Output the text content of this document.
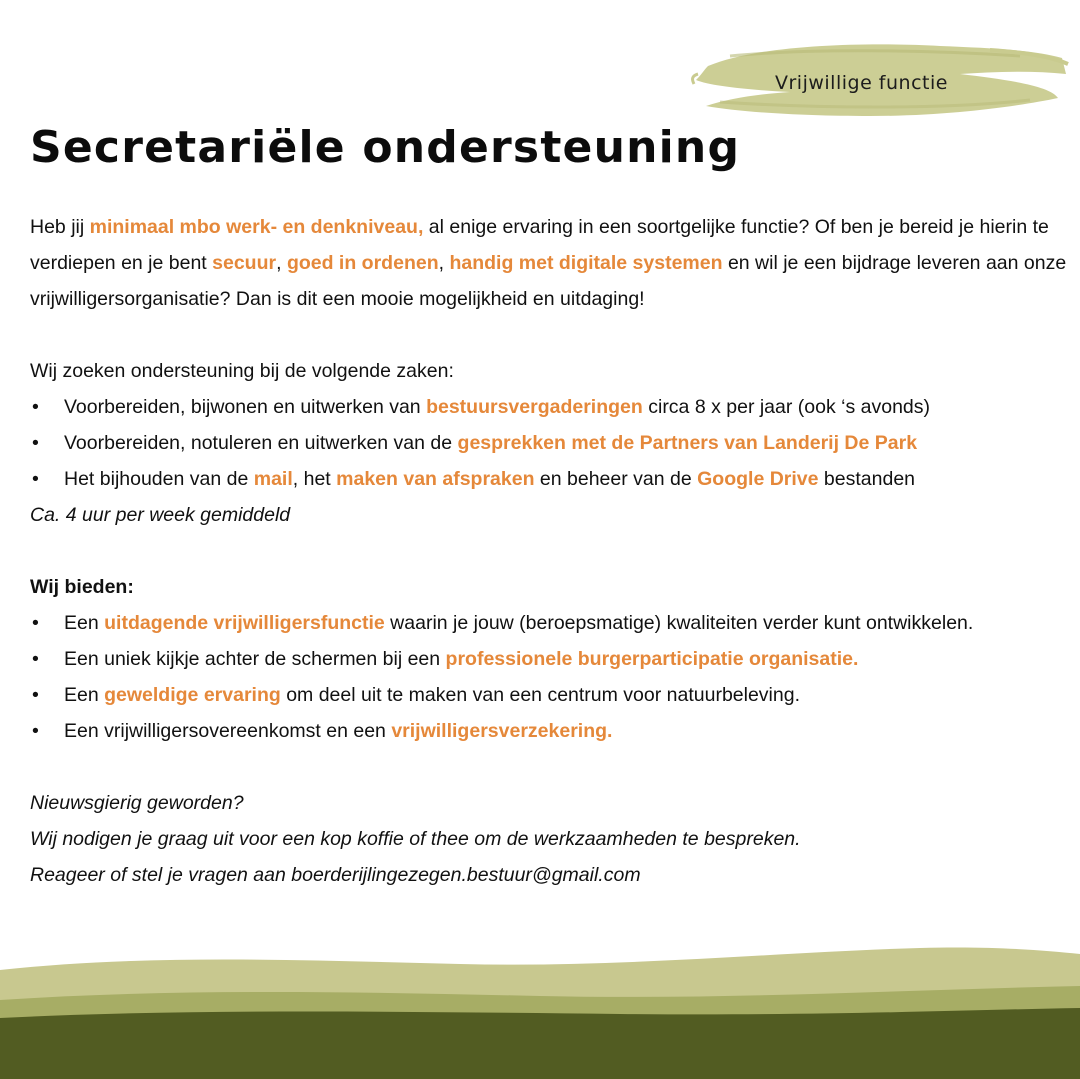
Vrijwillige functie
Secretariële ondersteuning

Heb jij minimaal mbo werk- en denkniveau, al enige ervaring in een soortgelijke functie? Of ben je bereid je hierin te verdiepen en je bent secuur, goed in ordenen, handig met digitale systemen en wil je een bijdrage leveren aan onze vrijwilligersorganisatie? Dan is dit een mooie mogelijkheid en uitdaging!

Wij zoeken ondersteuning bij de volgende zaken:

• Voorbereiden, bijwonen en uitwerken van bestuursvergaderingen circa 8 x per jaar (ook ‘s avonds)
• Voorbereiden, notuleren en uitwerken van de gesprekken met de Partners van Landerij De Park
• Het bijhouden van de mail, het maken van afspraken en beheer van de Google Drive bestanden

Ca. 4 uur per week gemiddeld

Wij bieden:

• Een uitdagende vrijwilligersfunctie waarin je jouw (beroepsmatige) kwaliteiten verder kunt ontwikkelen.
• Een uniek kijkje achter de schermen bij een professionele burgerparticipatie organisatie.
• Een geweldige ervaring om deel uit te maken van een centrum voor natuurbeleving.
• Een vrijwilligersovereenkomst en een vrijwilligersverzekering.

Nieuwsgierig geworden?

Wij nodigen je graag uit voor een kop koffie of thee om de werkzaamheden te bespreken.

Reageer of stel je vragen aan boerderijlingezegen.bestuur@gmail.com
